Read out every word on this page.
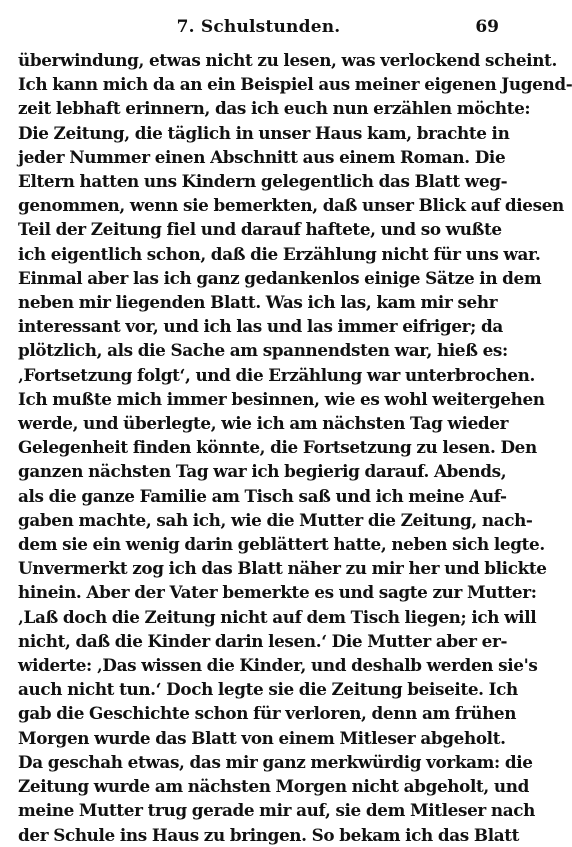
7. Schulstunden.	69
überwindung, etwas nicht zu lesen, was verlockend scheint.
Ich kann mich da an ein Beispiel aus meiner eigenen Jugend-
zeit lebhaft erinnern, das ich euch nun erzählen möchte:
Die Zeitung, die täglich in unser Haus kam, brachte in
jeder Nummer einen Abschnitt aus einem Roman. Die
Eltern hatten uns Kindern gelegentlich das Blatt weg-
genommen, wenn sie bemerkten, daß unser Blick auf diesen
Teil der Zeitung fiel und darauf haftete, und so wußte
ich eigentlich schon, daß die Erzählung nicht für uns war.
Einmal aber las ich ganz gedankenlos einige Sätze in dem
neben mir liegenden Blatt. Was ich las, kam mir sehr
interessant vor, und ich las und las immer eifriger; da
plötzlich, als die Sache am spannendsten war, hieß es:
‚Fortsetzung folgt‘, und die Erzählung war unterbrochen.
Ich mußte mich immer besinnen, wie es wohl weitergehen
werde, und überlegte, wie ich am nächsten Tag wieder
Gelegenheit finden könnte, die Fortsetzung zu lesen. Den
ganzen nächsten Tag war ich begierig darauf. Abends,
als die ganze Familie am Tisch saß und ich meine Auf-
gaben machte, sah ich, wie die Mutter die Zeitung, nach-
dem sie ein wenig darin geblättert hatte, neben sich legte.
Unvermerkt zog ich das Blatt näher zu mir her und blickte
hinein. Aber der Vater bemerkte es und sagte zur Mutter:
‚Laß doch die Zeitung nicht auf dem Tisch liegen; ich will
nicht, daß die Kinder darin lesen.‘ Die Mutter aber er-
widerte: ‚Das wissen die Kinder, und deshalb werden sie's
auch nicht tun.‘ Doch legte sie die Zeitung beiseite. Ich
gab die Geschichte schon für verloren, denn am frühen
Morgen wurde das Blatt von einem Mitleser abgeholt.
Da geschah etwas, das mir ganz merkwürdig vorkam: die
Zeitung wurde am nächsten Morgen nicht abgeholt, und
meine Mutter trug gerade mir auf, sie dem Mitleser nach
der Schule ins Haus zu bringen. So bekam ich das Blatt
